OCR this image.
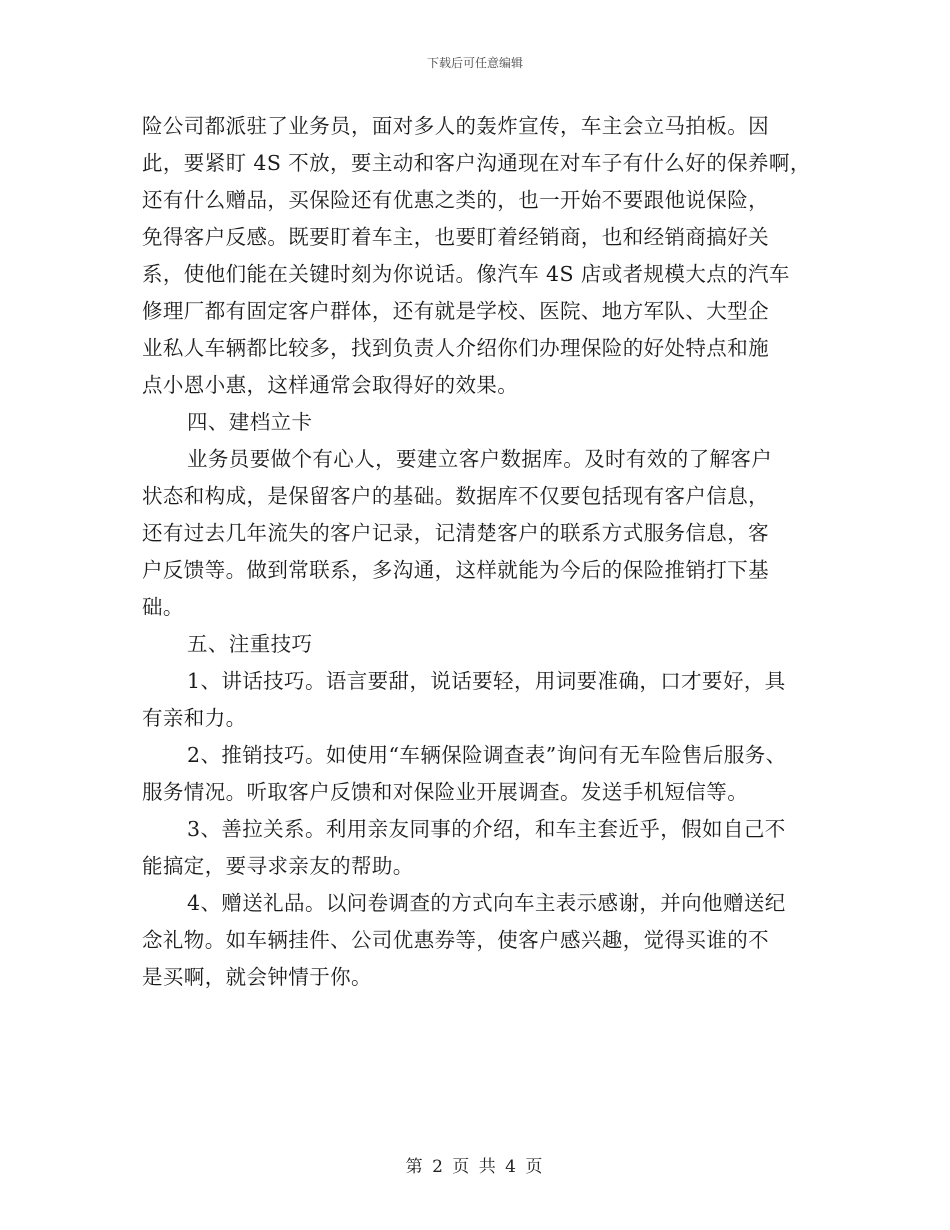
下载后可任意编辑
险公司都派驻了业务员，面对多人的轰炸宣传，车主会立马拍板。因
此，要紧盯 4S 不放，要主动和客户沟通现在对车子有什么好的保养啊，
还有什么赠品，买保险还有优惠之类的，也一开始不要跟他说保险，
免得客户反感。既要盯着车主，也要盯着经销商，也和经销商搞好关
系，使他们能在关键时刻为你说话。像汽车 4S 店或者规模大点的汽车
修理厂都有固定客户群体，还有就是学校、医院、地方军队、大型企
业私人车辆都比较多，找到负责人介绍你们办理保险的好处特点和施
点小恩小惠，这样通常会取得好的效果。
四、建档立卡
业务员要做个有心人，要建立客户数据库。及时有效的了解客户
状态和构成，是保留客户的基础。数据库不仅要包括现有客户信息，
还有过去几年流失的客户记录，记清楚客户的联系方式服务信息，客
户反馈等。做到常联系，多沟通，这样就能为今后的保险推销打下基
础。
五、注重技巧
1、讲话技巧。语言要甜，说话要轻，用词要准确，口才要好，具
有亲和力。
2、推销技巧。如使用“车辆保险调查表”询问有无车险售后服务、
服务情况。听取客户反馈和对保险业开展调查。发送手机短信等。
3、善拉关系。利用亲友同事的介绍，和车主套近乎，假如自己不
能搞定，要寻求亲友的帮助。
4、赠送礼品。以问卷调查的方式向车主表示感谢，并向他赠送纪
念礼物。如车辆挂件、公司优惠券等，使客户感兴趣，觉得买谁的不
是买啊，就会钟情于你。
第 2 页 共 4 页
